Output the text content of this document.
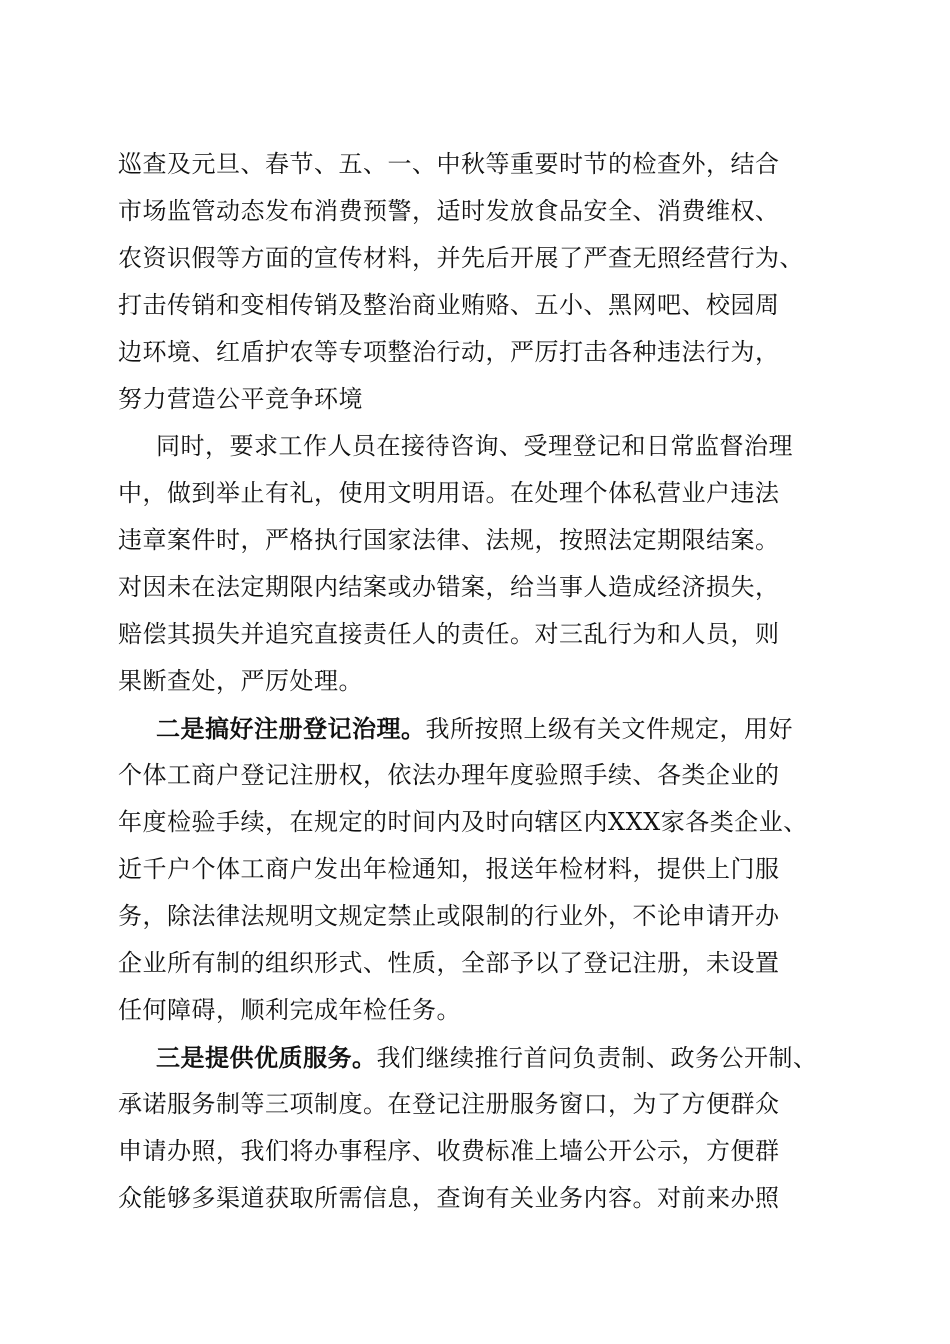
巡查及元旦、春节、五、一、中秋等重要时节的检查外，结合
市场监管动态发布消费预警，适时发放食品安全、消费维权、
农资识假等方面的宣传材料，并先后开展了严查无照经营行为、
打击传销和变相传销及整治商业贿赂、五小、黑网吧、校园周
边环境、红盾护农等专项整治行动，严厉打击各种违法行为，
努力营造公平竞争环境
同时，要求工作人员在接待咨询、受理登记和日常监督治理
中，做到举止有礼，使用文明用语。在处理个体私营业户违法
违章案件时，严格执行国家法律、法规，按照法定期限结案。
对因未在法定期限内结案或办错案，给当事人造成经济损失，
赔偿其损失并追究直接责任人的责任。对三乱行为和人员，则
果断查处，严厉处理。
二是搞好注册登记治理。我所按照上级有关文件规定，用好
个体工商户登记注册权，依法办理年度验照手续、各类企业的
年度检验手续，在规定的时间内及时向辖区内XXX家各类企业、
近千户个体工商户发出年检通知，报送年检材料，提供上门服
务，除法律法规明文规定禁止或限制的行业外，不论申请开办
企业所有制的组织形式、性质，全部予以了登记注册，未设置
任何障碍，顺利完成年检任务。
三是提供优质服务。我们继续推行首问负责制、政务公开制、
承诺服务制等三项制度。在登记注册服务窗口，为了方便群众
申请办照，我们将办事程序、收费标准上墙公开公示，方便群
众能够多渠道获取所需信息，查询有关业务内容。对前来办照
